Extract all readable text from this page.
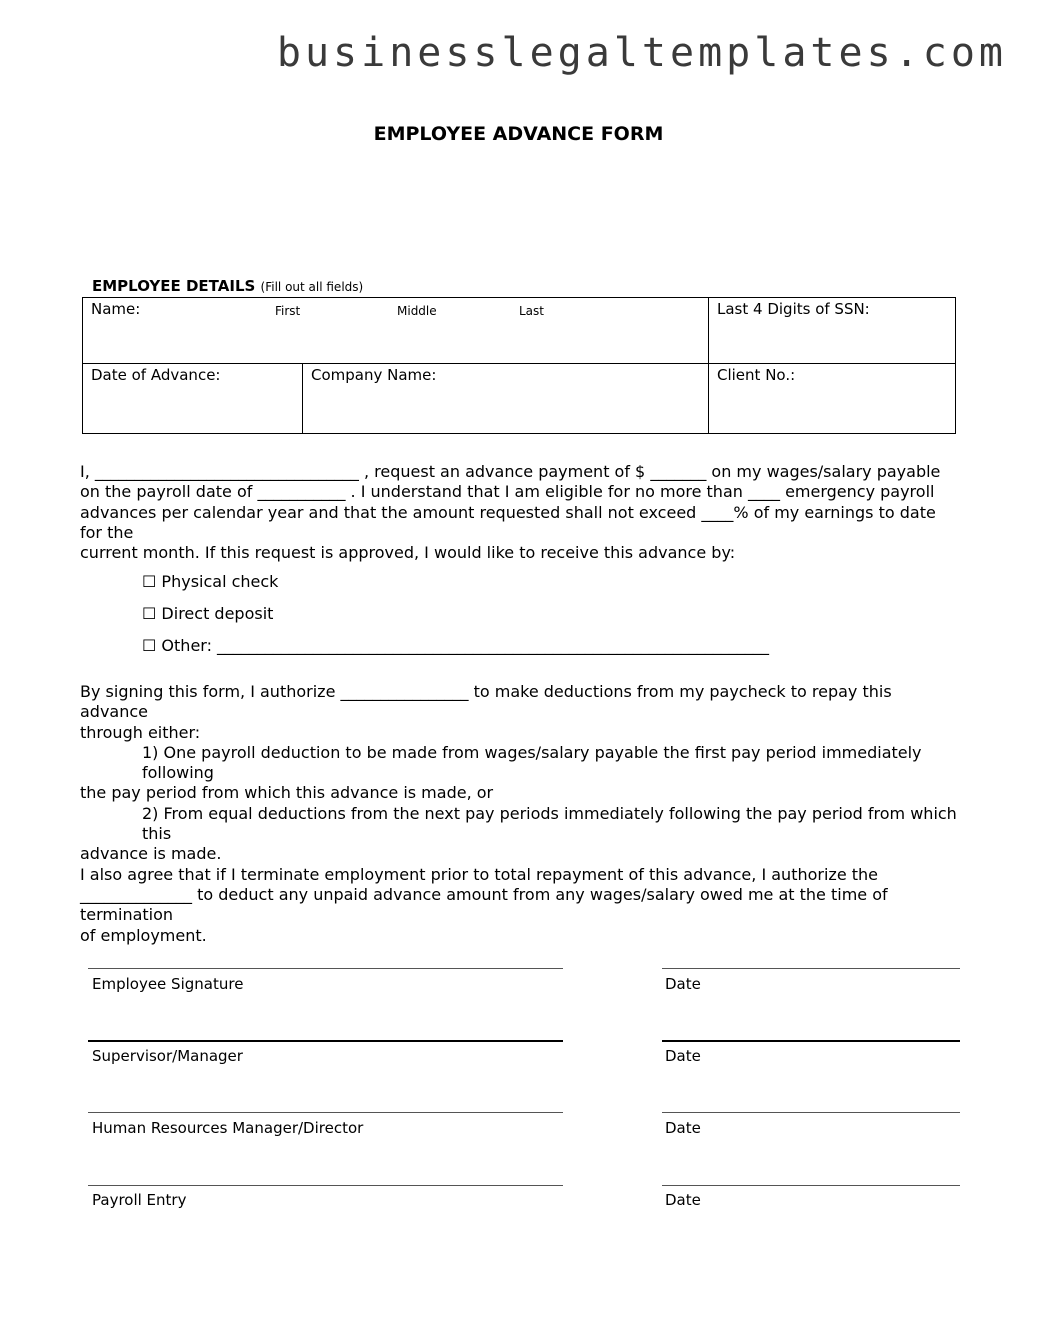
businesslegaltemplates.com
EMPLOYEE ADVANCE FORM
EMPLOYEE DETAILS (Fill out all fields)
Name:	First	Middle	Last	Last 4 Digits of SSN:
Date of Advance:	Company Name:	Client No.:

I, _________________________________ , request an advance payment of $ _______ on my wages/salary payable

on the payroll date of ___________ . I understand that I am eligible for no more than ____ emergency payroll

advances per calendar year and that the amount requested shall not exceed ____% of my earnings to date for the

current month. If this request is approved, I would like to receive this advance by:

☐ Physical check
☐ Direct deposit
☐ Other: _____________________________________________________________________

By signing this form, I authorize ________________ to make deductions from my paycheck to repay this advance

through either:

1) One payroll deduction to be made from wages/salary payable the first pay period immediately following

the pay period from which this advance is made, or

2) From equal deductions from the next pay periods immediately following the pay period from which this

advance is made.

I also agree that if I terminate employment prior to total repayment of this advance, I authorize the

______________ to deduct any unpaid advance amount from any wages/salary owed me at the time of termination

of employment.

Employee Signature	Date
Supervisor/Manager	Date
Human Resources Manager/Director	Date
Payroll Entry	Date
